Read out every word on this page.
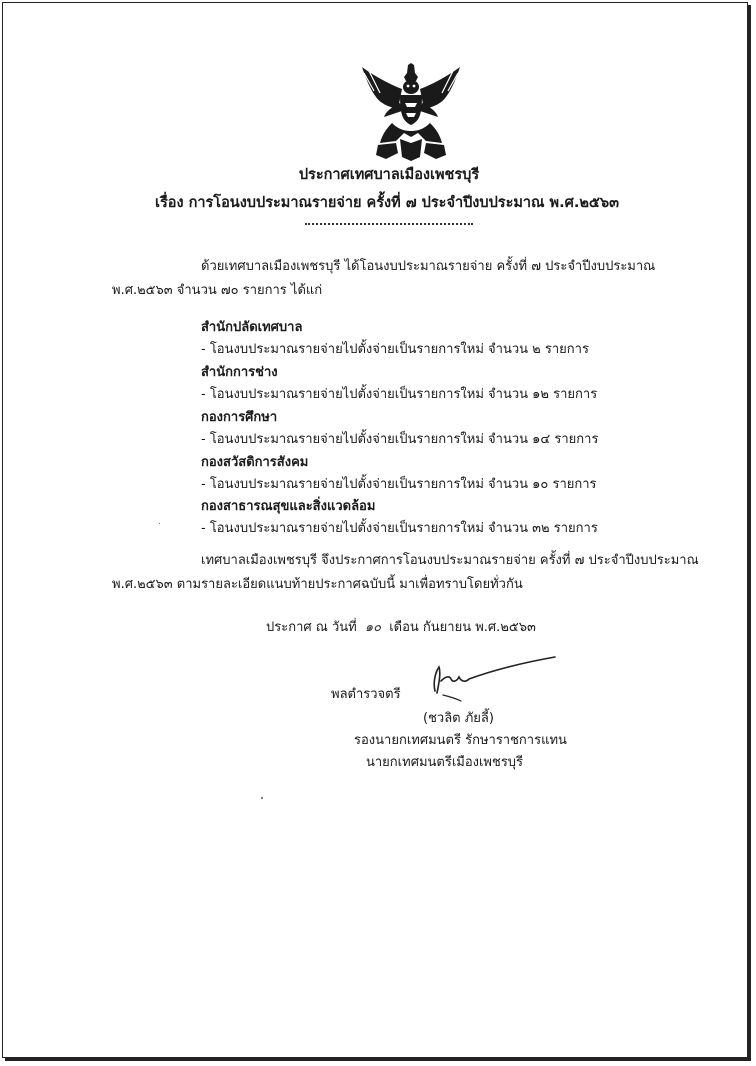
ประกาศเทศบาลเมืองเพชรบุรี
เรื่อง การโอนงบประมาณรายจ่าย ครั้งที่ ๗ ประจำปีงบประมาณ พ.ศ.๒๕๖๓
ด้วยเทศบาลเมืองเพชรบุรี ได้โอนงบประมาณรายจ่าย ครั้งที่ ๗ ประจำปีงบประมาณ
พ.ศ.๒๕๖๓ จำนวน ๗๐ รายการ ได้แก่
สำนักปลัดเทศบาล
- โอนงบประมาณรายจ่ายไปตั้งจ่ายเป็นรายการใหม่ จำนวน ๒ รายการ
สำนักการช่าง
- โอนงบประมาณรายจ่ายไปตั้งจ่ายเป็นรายการใหม่ จำนวน ๑๒ รายการ
กองการศึกษา
- โอนงบประมาณรายจ่ายไปตั้งจ่ายเป็นรายการใหม่ จำนวน ๑๔ รายการ
กองสวัสดิการสังคม
- โอนงบประมาณรายจ่ายไปตั้งจ่ายเป็นรายการใหม่ จำนวน ๑๐ รายการ
กองสาธารณสุขและสิ่งแวดล้อม
- โอนงบประมาณรายจ่ายไปตั้งจ่ายเป็นรายการใหม่ จำนวน ๓๒ รายการ
เทศบาลเมืองเพชรบุรี จึงประกาศการโอนงบประมาณรายจ่าย ครั้งที่ ๗ ประจำปีงบประมาณ
พ.ศ.๒๕๖๓ ตามรายละเอียดแนบท้ายประกาศฉบับนี้ มาเพื่อทราบโดยทั่วกัน
ประกาศ ณ วันที่ ๑๐ เดือน กันยายน พ.ศ.๒๕๖๓
พลตำรวจตรี
(ชวลิต ภัยลี้)
รองนายกเทศมนตรี รักษาราชการแทน
นายกเทศมนตรีเมืองเพชรบุรี
